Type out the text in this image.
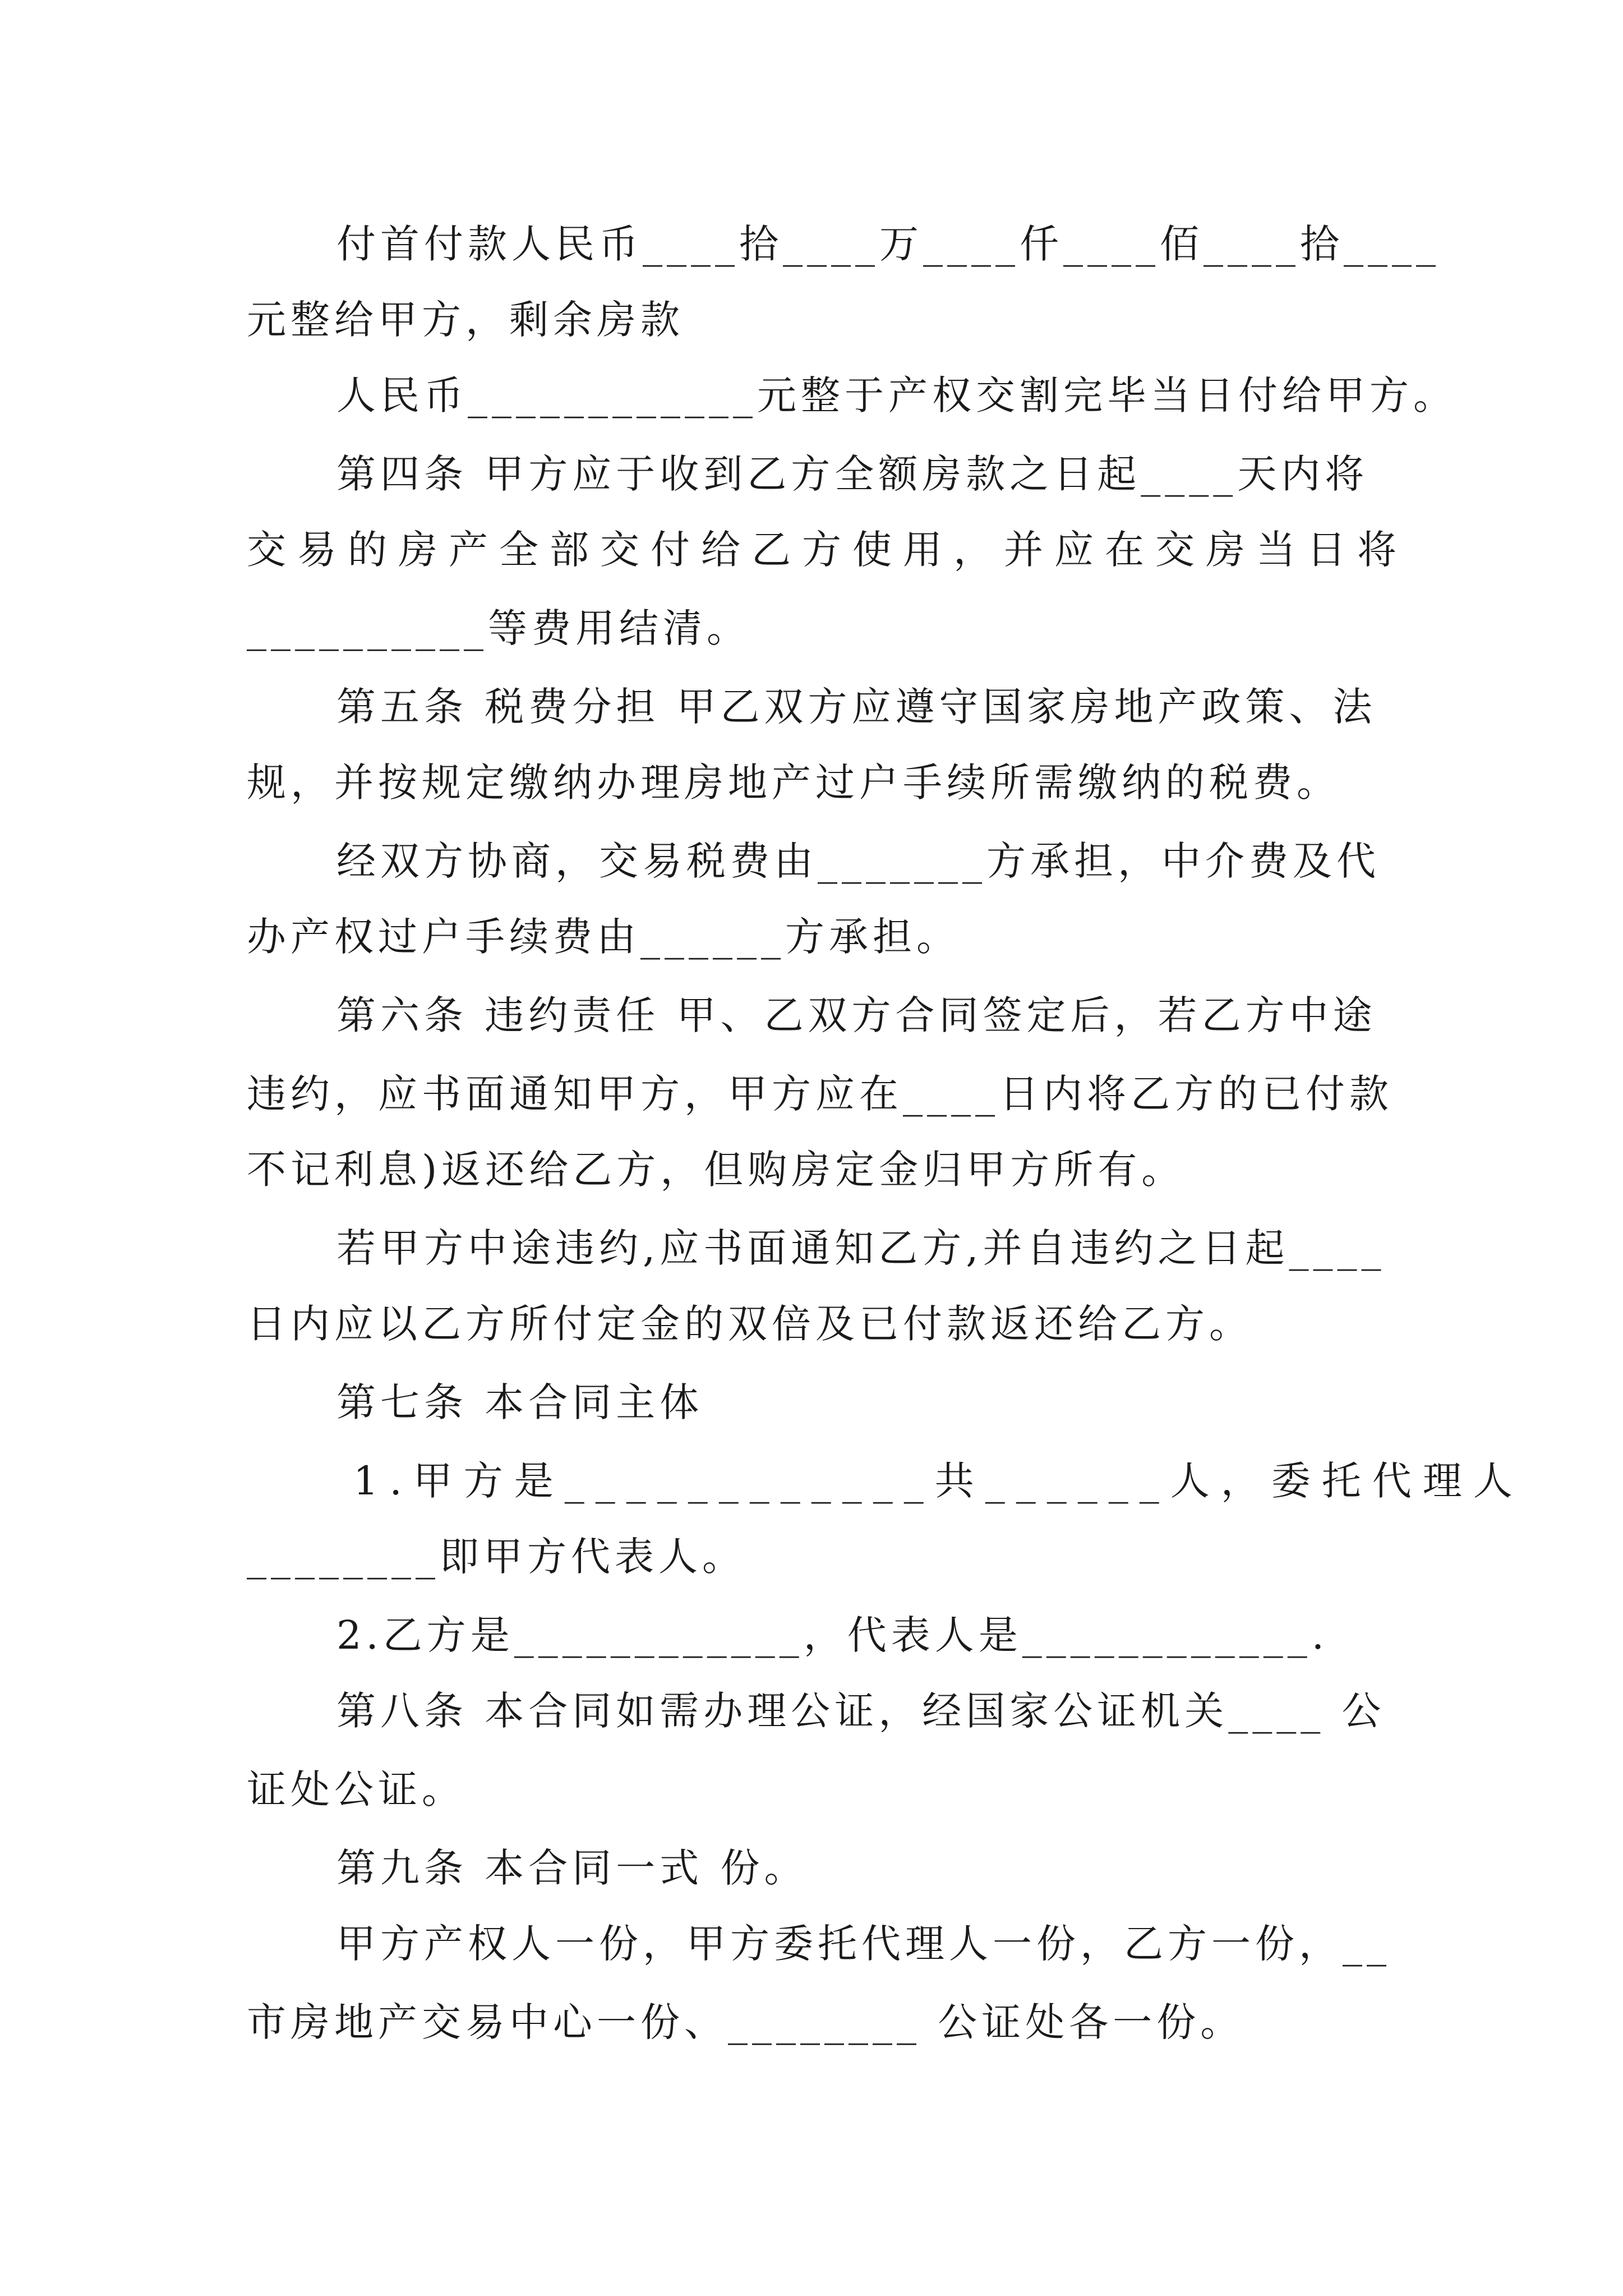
付首付款人民币____拾____万____仟____佰____拾____
元整给甲方，剩余房款
人民币____________元整于产权交割完毕当日付给甲方。
第四条 甲方应于收到乙方全额房款之日起____天内将
交易的房产全部交付给乙方使用，并应在交房当日将
__________等费用结清。
第五条 税费分担 甲乙双方应遵守国家房地产政策、法
规，并按规定缴纳办理房地产过户手续所需缴纳的税费。
经双方协商，交易税费由_______方承担，中介费及代
办产权过户手续费由______方承担。
第六条 违约责任 甲、乙双方合同签定后，若乙方中途
违约，应书面通知甲方，甲方应在____日内将乙方的已付款
不记利息)返还给乙方，但购房定金归甲方所有。
若甲方中途违约,应书面通知乙方,并自违约之日起____
日内应以乙方所付定金的双倍及已付款返还给乙方。
第七条 本合同主体
1.甲方是____________共______人，委托代理人
________即甲方代表人。
2.乙方是____________，代表人是____________.
第八条 本合同如需办理公证，经国家公证机关____ 公
证处公证。
第九条 本合同一式 份。
甲方产权人一份，甲方委托代理人一份，乙方一份，__
市房地产交易中心一份、________ 公证处各一份。
